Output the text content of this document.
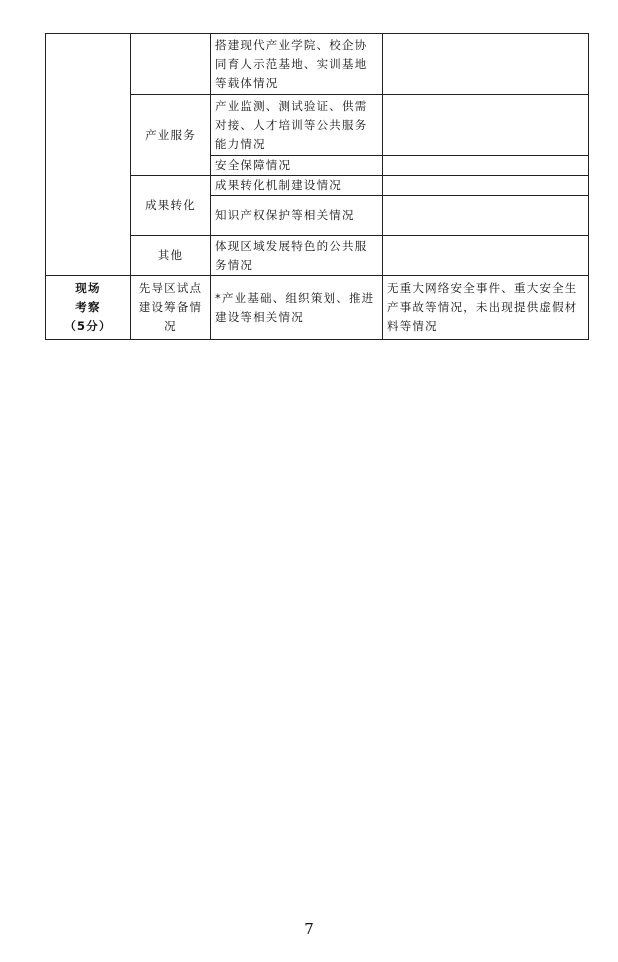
		搭建现代产业学院、校企协同育人示范基地、实训基地等载体情况	
	产业服务	产业监测、测试验证、供需对接、人才培训等公共服务能力情况	
		安全保障情况	
	成果转化	成果转化机制建设情况	
		知识产权保护等相关情况	
	其他	体现区域发展特色的公共服务情况	
现场
考察
（5分）	先导区试点建设筹备情况	*产业基础、组织策划、推进建设等相关情况	无重大网络安全事件、重大安全生产事故等情况，未出现提供虚假材料等情况
7
